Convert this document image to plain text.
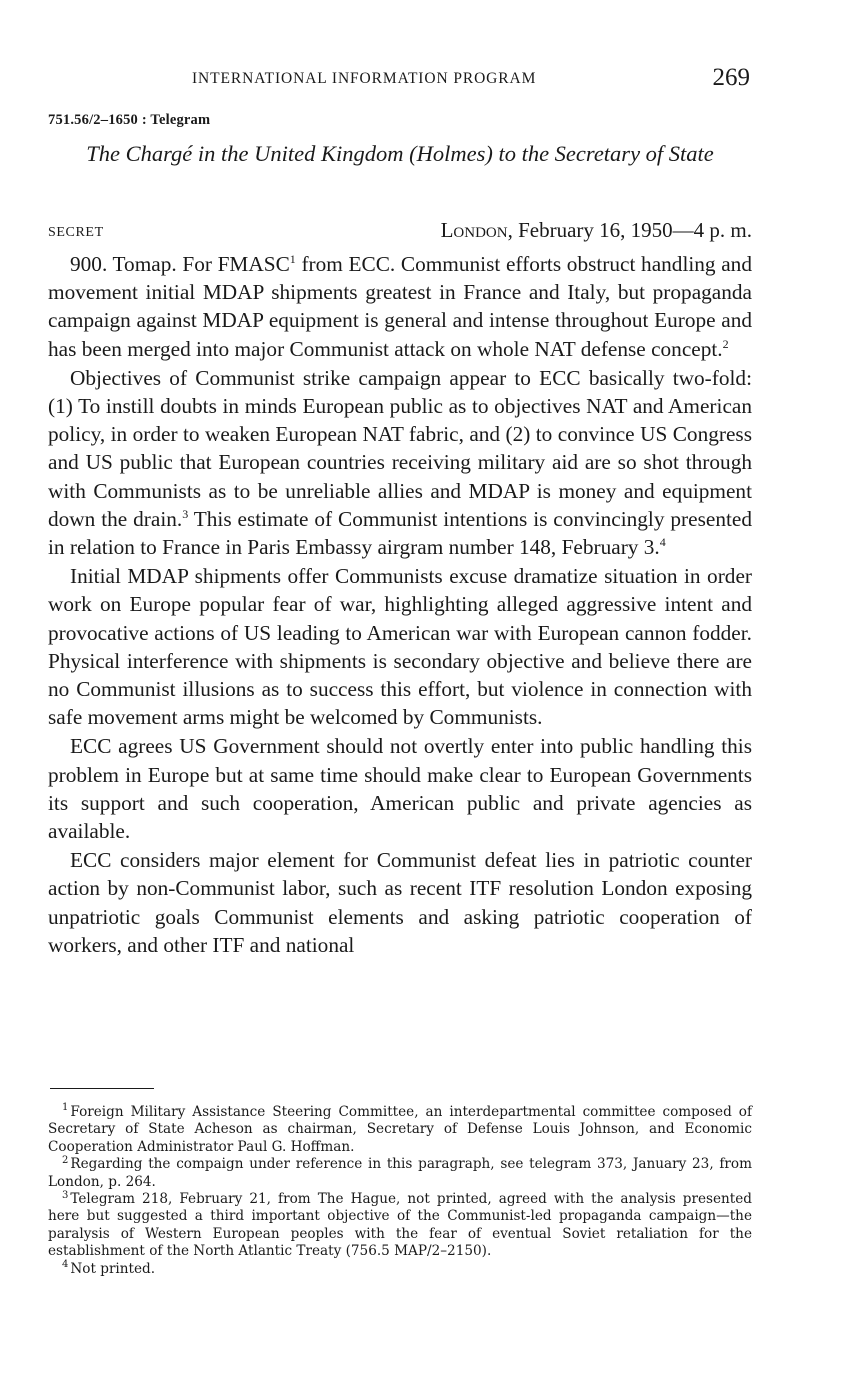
INTERNATIONAL INFORMATION PROGRAM	269
751.56/2–1650 : Telegram
The Chargé in the United Kingdom (Holmes) to the Secretary of State
SECRET	London, February 16, 1950—4 p. m.

900. Tomap. For FMASC$^1$ from ECC. Communist efforts obstruct handling and movement initial MDAP shipments greatest in France and Italy, but propaganda campaign against MDAP equipment is general and intense throughout Europe and has been merged into major Communist attack on whole NAT defense concept.$^2$

Objectives of Communist strike campaign appear to ECC basically two-fold: (1) To instill doubts in minds European public as to objectives NAT and American policy, in order to weaken European NAT fabric, and (2) to convince US Congress and US public that European countries receiving military aid are so shot through with Communists as to be unreliable allies and MDAP is money and equipment down the drain.$^3$ This estimate of Communist intentions is convincingly presented in relation to France in Paris Embassy airgram number 148, February 3.$^4$

Initial MDAP shipments offer Communists excuse dramatize situation in order work on Europe popular fear of war, highlighting alleged aggressive intent and provocative actions of US leading to American war with European cannon fodder. Physical interference with shipments is secondary objective and believe there are no Communist illusions as to success this effort, but violence in connection with safe movement arms might be welcomed by Communists.

ECC agrees US Government should not overtly enter into public handling this problem in Europe but at same time should make clear to European Governments its support and such cooperation, American public and private agencies as available.

ECC considers major element for Communist defeat lies in patriotic counter action by non-Communist labor, such as recent ITF resolution London exposing unpatriotic goals Communist elements and asking patriotic cooperation of workers, and other ITF and national

$^1$ Foreign Military Assistance Steering Committee, an interdepartmental committee composed of Secretary of State Acheson as chairman, Secretary of Defense Louis Johnson, and Economic Cooperation Administrator Paul G. Hoffman.

$^2$ Regarding the compaign under reference in this paragraph, see telegram 373, January 23, from London, p. 264.

$^3$ Telegram 218, February 21, from The Hague, not printed, agreed with the analysis presented here but suggested a third important objective of the Communist-led propaganda campaign—the paralysis of Western European peoples with the fear of eventual Soviet retaliation for the establishment of the North Atlantic Treaty (756.5 MAP/2–2150).

$^4$ Not printed.
